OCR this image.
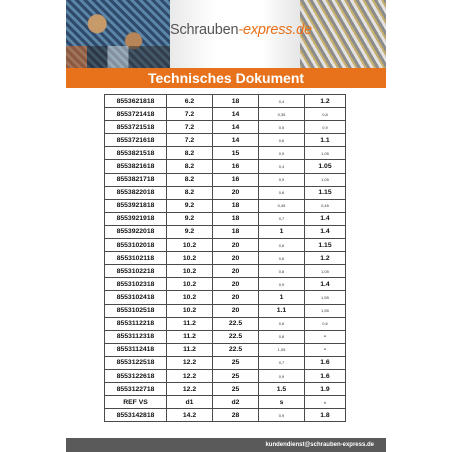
Schrauben-express.de
Technisches Dokument
8553621818	6.2	18	0,4	1.2
8553721418	7.2	14	0,35	0,8
8553721518	7.2	14	0,5	0,9
8553721618	7.2	14	0,6	1.1
8553821518	8.2	15	0,9	1,05
8553821618	8.2	16	0,4	1.05
8553821718	8.2	16	0,9	1,05
8553822018	8.2	20	0,6	1.15
8553921818	9.2	18	0,45	0,45
8553921918	9.2	18	0,7	1.4
8553922018	9.2	18	1	1.4
8553102018	10.2	20	0,6	1.15
8553102118	10.2	20	0,6	1.2
8553102218	10.2	20	0,8	1,05
8553102318	10.2	20	0,9	1.4
8553102418	10.2	20	1	1,55
8553102518	10.2	20	1.1	1,55
8553112218	11.2	22.5	0,6	0,6
8553112318	11.2	22.5	0,8	-
8553112418	11.2	22.5	1,05	-
8553122518	12.2	25	0,7	1.6
8553122618	12.2	25	0,9	1.6
8553122718	12.2	25	1.5	1.9
REF VS	d1	d2	s	h
8553142818	14.2	28	0,9	1.8
kundendienst@schrauben-express.de
